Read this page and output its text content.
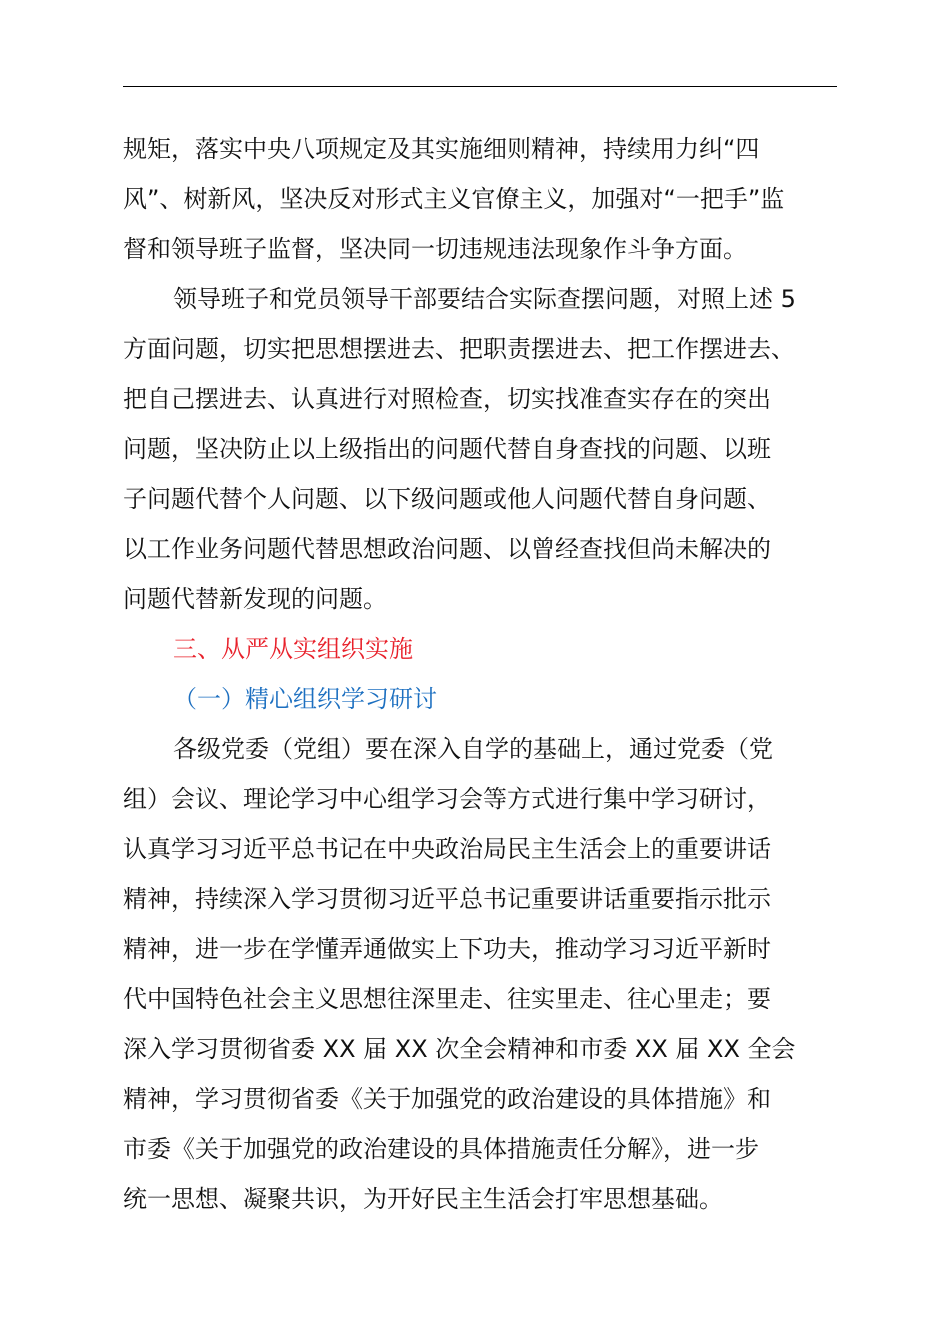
规矩，落实中央八项规定及其实施细则精神，持续用力纠“四
风”、树新风，坚决反对形式主义官僚主义，加强对“一把手”监
督和领导班子监督，坚决同一切违规违法现象作斗争方面。
领导班子和党员领导干部要结合实际查摆问题，对照上述 5
方面问题，切实把思想摆进去、把职责摆进去、把工作摆进去、
把自己摆进去、认真进行对照检查，切实找准查实存在的突出
问题，坚决防止以上级指出的问题代替自身查找的问题、以班
子问题代替个人问题、以下级问题或他人问题代替自身问题、
以工作业务问题代替思想政治问题、以曾经查找但尚未解决的
问题代替新发现的问题。
三、从严从实组织实施
（一）精心组织学习研讨
各级党委（党组）要在深入自学的基础上，通过党委（党
组）会议、理论学习中心组学习会等方式进行集中学习研讨，
认真学习习近平总书记在中央政治局民主生活会上的重要讲话
精神，持续深入学习贯彻习近平总书记重要讲话重要指示批示
精神，进一步在学懂弄通做实上下功夫，推动学习习近平新时
代中国特色社会主义思想往深里走、往实里走、往心里走；要
深入学习贯彻省委 XX 届 XX 次全会精神和市委 XX 届 XX 全会
精神，学习贯彻省委《关于加强党的政治建设的具体措施》和
市委《关于加强党的政治建设的具体措施责任分解》，进一步
统一思想、凝聚共识，为开好民主生活会打牢思想基础。
